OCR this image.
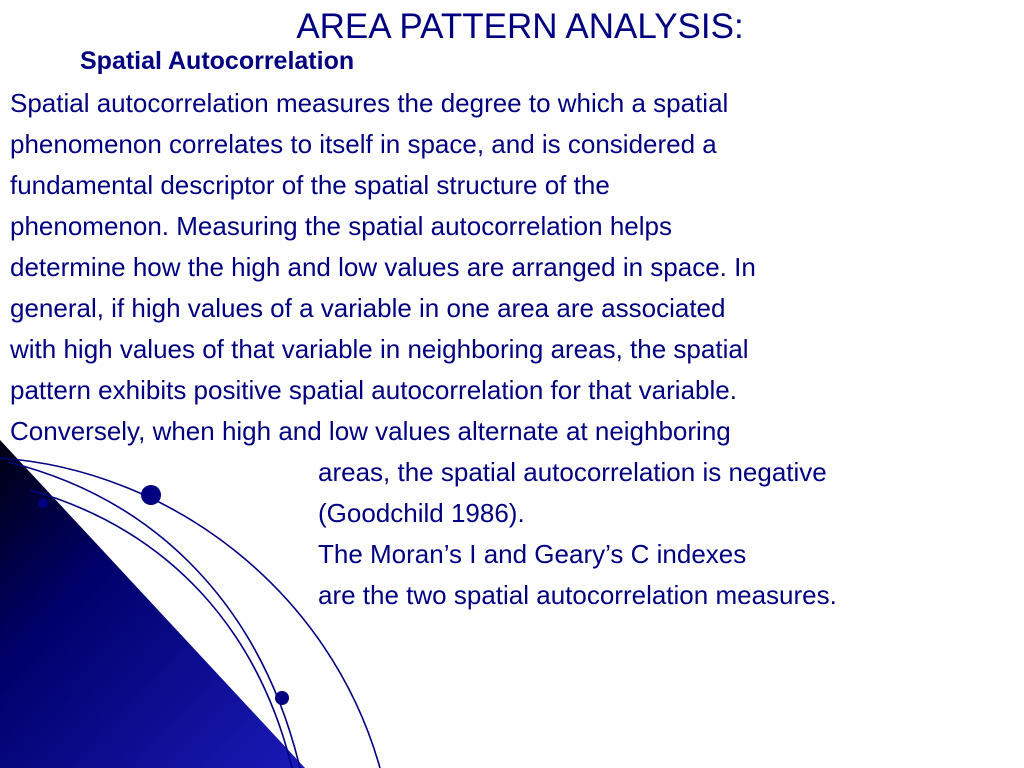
AREA PATTERN ANALYSIS:
Spatial Autocorrelation
Spatial autocorrelation measures the degree to which a spatial
phenomenon correlates to itself in space, and is considered a
fundamental descriptor of the spatial structure of the
phenomenon. Measuring the spatial autocorrelation helps
determine how the high and low values are arranged in space. In
general, if high values of a variable in one area are associated
with high values of that variable in neighboring areas, the spatial
pattern exhibits positive spatial autocorrelation for that variable.
Conversely, when high and low values alternate at neighboring
areas, the spatial autocorrelation is negative
(Goodchild 1986).
The Moran’s I and Geary’s C indexes
are the two spatial autocorrelation measures.
